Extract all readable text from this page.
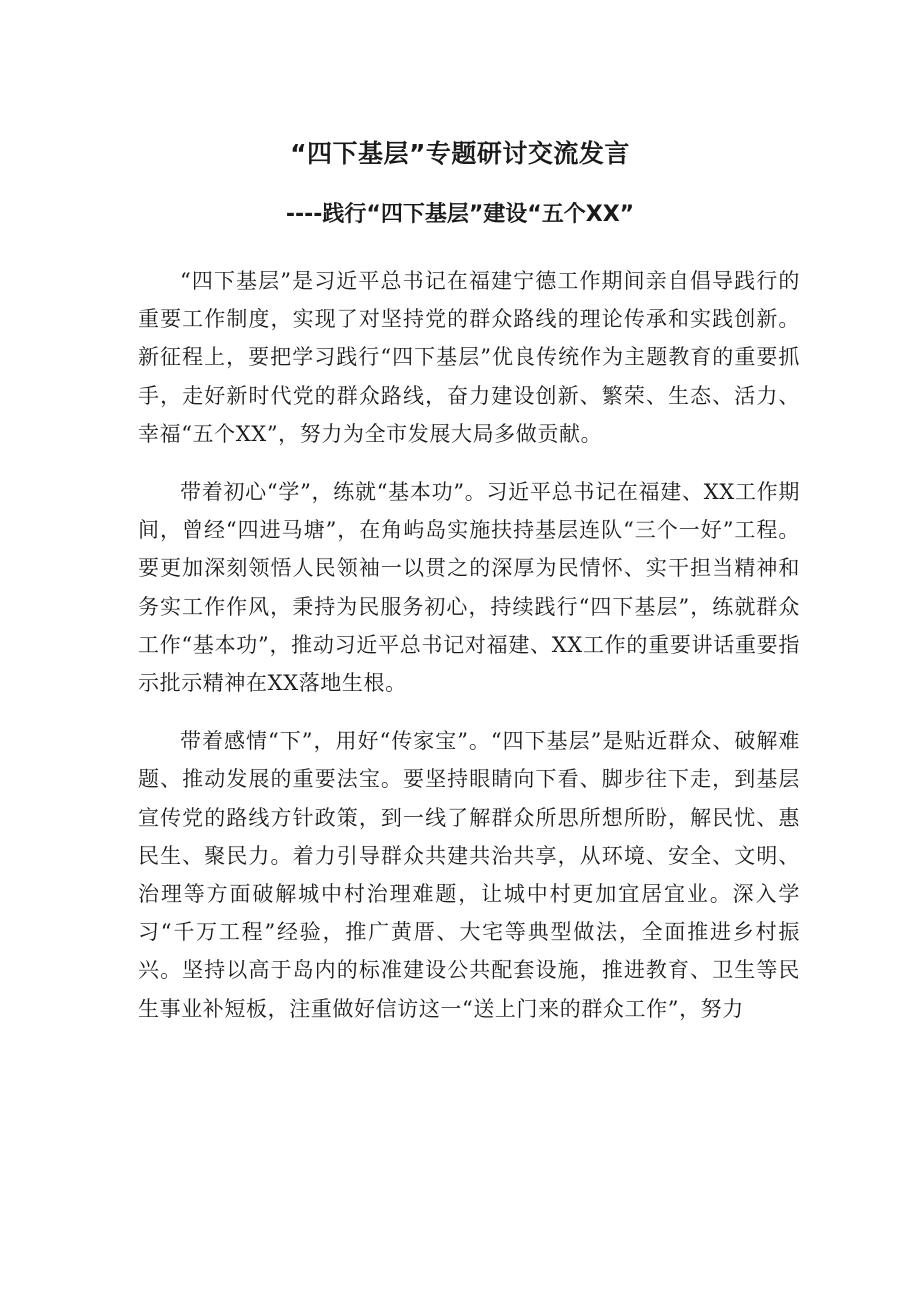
“四下基层”专题研讨交流发言
----践行“四下基层”建设“五个XX”

“四下基层”是习近平总书记在福建宁德工作期间亲自倡导践行的重要工作制度，实现了对坚持党的群众路线的理论传承和实践创新。新征程上，要把学习践行“四下基层”优良传统作为主题教育的重要抓手，走好新时代党的群众路线，奋力建设创新、繁荣、生态、活力、幸福“五个XX”，努力为全市发展大局多做贡献。

带着初心“学”，练就“基本功”。习近平总书记在福建、XX工作期间，曾经“四进马塘”，在角屿岛实施扶持基层连队“三个一好”工程。要更加深刻领悟人民领袖一以贯之的深厚为民情怀、实干担当精神和务实工作作风，秉持为民服务初心，持续践行“四下基层”，练就群众工作“基本功”，推动习近平总书记对福建、XX工作的重要讲话重要指示批示精神在XX落地生根。

带着感情“下”，用好“传家宝”。“四下基层”是贴近群众、破解难题、推动发展的重要法宝。要坚持眼睛向下看、脚步往下走，到基层宣传党的路线方针政策，到一线了解群众所思所想所盼，解民忧、惠民生、聚民力。着力引导群众共建共治共享，从环境、安全、文明、治理等方面破解城中村治理难题，让城中村更加宜居宜业。深入学习“千万工程”经验，推广黄厝、大宅等典型做法，全面推进乡村振兴。坚持以高于岛内的标准建设公共配套设施，推进教育、卫生等民生事业补短板，注重做好信访这一“送上门来的群众工作”，努力
